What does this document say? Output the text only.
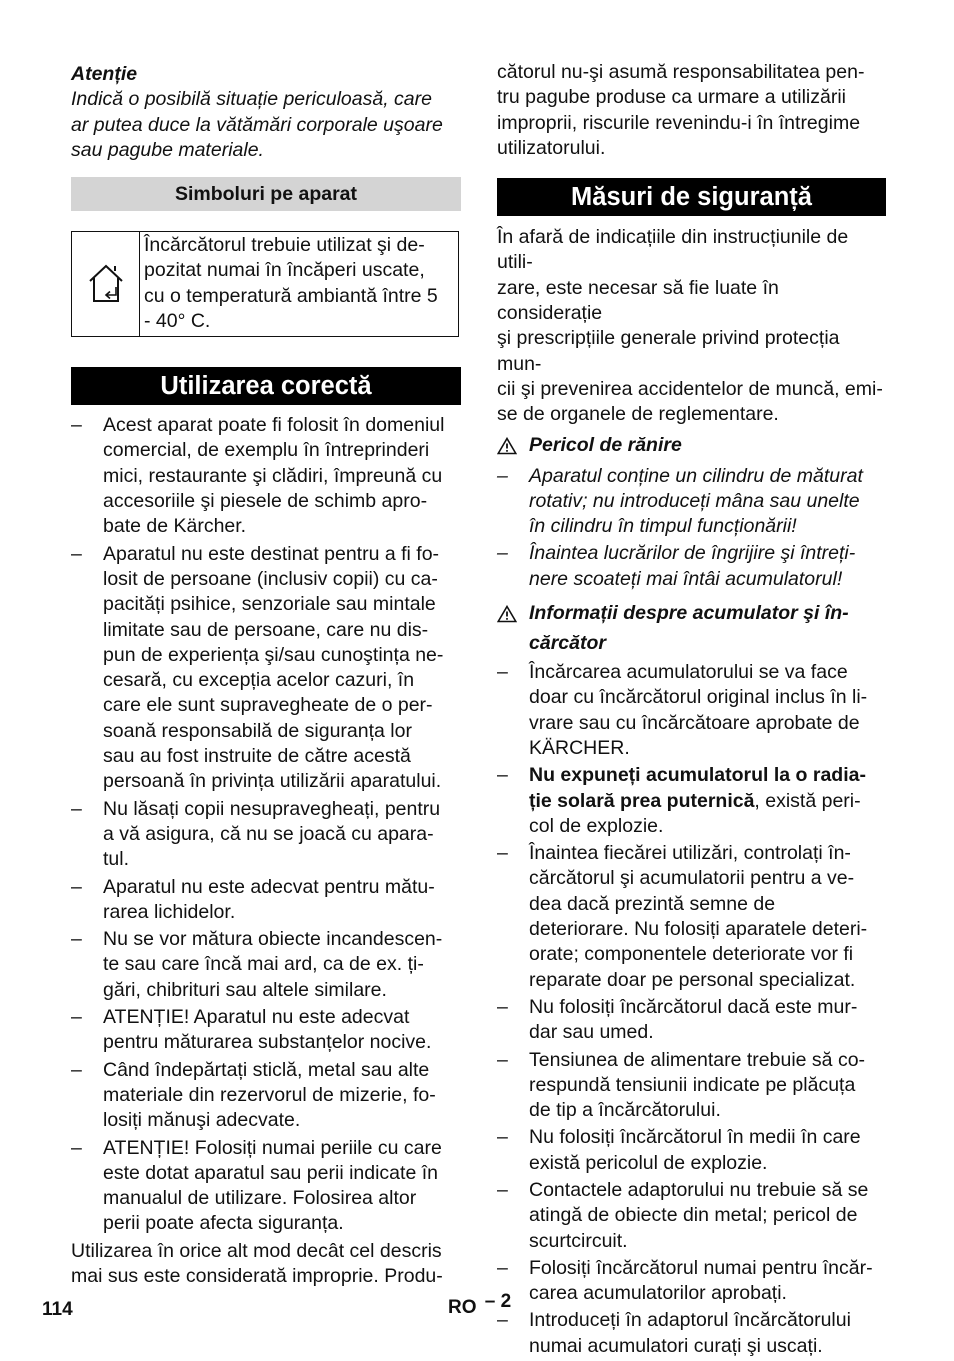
Atenție

Indică o posibilă situație periculoasă, care

ar putea duce la vătămări corporale uşoare

sau pagube materiale.

Simboluri pe aparat

Încărcătorul trebuie utilizat şi de-

pozitat numai în încăperi uscate,

cu o temperatură ambiantă între 5

- 40° C.

Utilizarea corectă
– Acest aparat poate fi folosit în domeniul
comercial, de exemplu în întreprinderi
mici, restaurante şi clădiri, împreună cu
accesoriile şi piesele de schimb apro-
bate de Kärcher.
– Aparatul nu este destinat pentru a fi fo-
losit de persoane (inclusiv copii) cu ca-
pacități psihice, senzoriale sau mintale
limitate sau de persoane, care nu dis-
pun de experiența şi/sau cunoştința ne-
cesară, cu excepția acelor cazuri, în
care ele sunt supravegheate de o per-
soană responsabilă de siguranța lor
sau au fost instruite de către acestă
persoană în privința utilizării aparatului.
– Nu lăsați copii nesupravegheați, pentru
a vă asigura, că nu se joacă cu apara-
tul.
– Aparatul nu este adecvat pentru mătu-
rarea lichidelor.
– Nu se vor mătura obiecte incandescen-
te sau care încă mai ard, ca de ex. ți-
gări, chibrituri sau altele similare.
– ATENȚIE! Aparatul nu este adecvat
pentru măturarea substanțelor nocive.
– Când îndepărtați sticlă, metal sau alte
materiale din rezervorul de mizerie, fo-
losiți mănuşi adecvate.
– ATENȚIE! Folosiți numai periile cu care
este dotat aparatul sau perii indicate în
manualul de utilizare. Folosirea altor
perii poate afecta siguranța.

Utilizarea în orice alt mod decât cel descris

mai sus este considerată improprie. Produ-

cătorul nu-şi asumă responsabilitatea pen-

tru pagube produse ca urmare a utilizării

improprii, riscurile revenindu-i în întregime

utilizatorului.

Măsuri de siguranță

În afară de indicațiile din instrucțiunile de utili-

zare, este necesar să fie luate în considerație

şi prescripțiile generale privind protecția mun-

cii şi prevenirea accidentelor de muncă, emi-

se de organele de reglementare.

Pericol de rănire
– Aparatul conține un cilindru de măturat
rotativ; nu introduceți mâna sau unelte
în cilindru în timpul funcționării!
– Înaintea lucrărilor de îngrijire şi întreți-
nere scoateți mai întâi acumulatorul!
Informații despre acumulator şi în-
cărcător
– Încărcarea acumulatorului se va face
doar cu încărcătorul original inclus în li-
vrare sau cu încărcătoare aprobate de
KÄRCHER.
– Nu expuneți acumulatorul la o radia-
ție solară prea puternică, există peri-
col de explozie.
– Înaintea fiecărei utilizări, controlați în-
cărcătorul şi acumulatorii pentru a ve-
dea dacă prezintă semne de
deteriorare. Nu folosiți aparatele deteri-
orate; componentele deteriorate vor fi
reparate doar pe personal specializat.
– Nu folosiți încărcătorul dacă este mur-
dar sau umed.
– Tensiunea de alimentare trebuie să co-
respundă tensiunii indicate pe plăcuța
de tip a încărcătorului.
– Nu folosiți încărcătorul în medii în care
există pericolul de explozie.
– Contactele adaptorului nu trebuie să se
atingă de obiecte din metal; pericol de
scurtcircuit.
– Folosiți încărcătorul numai pentru încăr-
carea acumulatorilor aprobați.
– Introduceți în adaptorul încărcătorului
numai acumulatori curați şi uscați.
114	RO – 2
